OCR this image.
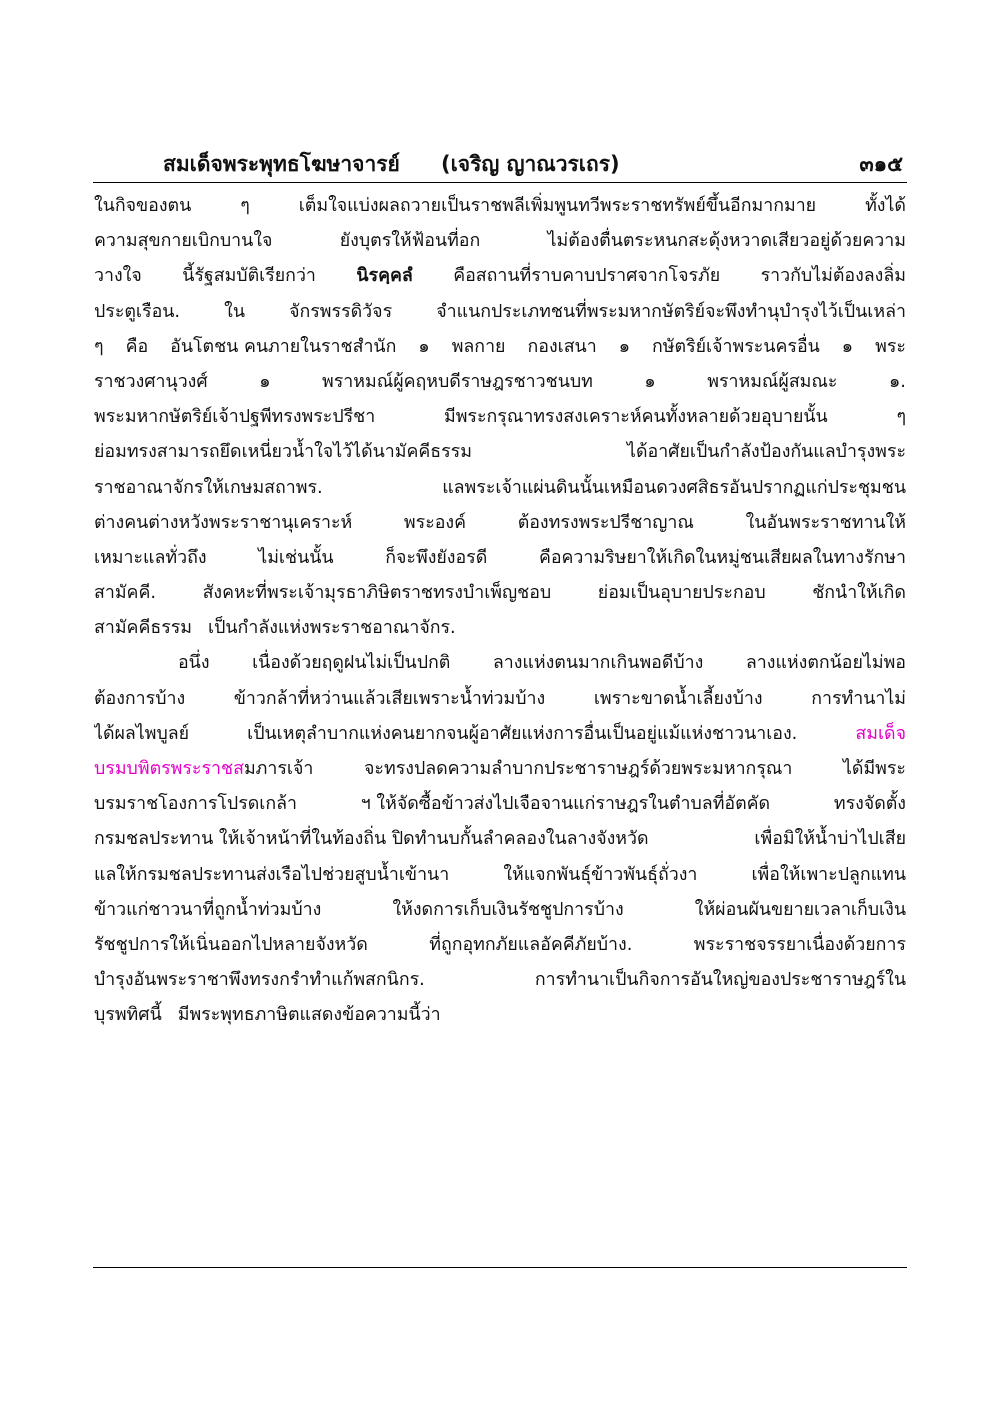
สมเด็จพระพุทธโฆษาจารย์ (เจริญ ญาณวรเถร)	๓๑๕
ในกิจของตน	ๆ	เต็มใจแบ่งผลถวายเป็นราชพลีเพิ่มพูนทวีพระราชทรัพย์ขึ้นอีกมากมาย	ทั้งได้
ความสุขกายเบิกบานใจ	ยังบุตรให้ฟ้อนที่อก	ไม่ต้องตื่นตระหนกสะดุ้งหวาดเสียวอยู่ด้วยความ
วางใจ นี้รัฐสมบัติเรียกว่า นิรคฺคลํ คือสถานที่ราบคาบปราศจากโจรภัย ราวกับไม่ต้องลงลิ่ม
ประตูเรือน. ใน จักรพรรดิวัจร จำแนกประเภทชนที่พระมหากษัตริย์จะพึงทำนุบำรุงไว้เป็นเหล่า
ๆ คือ อันโตชน คนภายในราชสำนัก ๑ พลกาย กองเสนา ๑ กษัตริย์เจ้าพระนครอื่น ๑ พระ
ราชวงศานุวงศ์	๑	พราหมณ์ผู้คฤหบดีราษฎรชาวชนบท	๑	พราหมณ์ผู้สมณะ	๑.
พระมหากษัตริย์เจ้าปฐพีทรงพระปรีชา	มีพระกรุณาทรงสงเคราะห์คนทั้งหลายด้วยอุบายนั้น	ๆ
ย่อมทรงสามารถยึดเหนี่ยวน้ำใจไว้ได้นามัคคีธรรม	ได้อาศัยเป็นกำลังป้องกันแลบำรุงพระ
ราชอาณาจักรให้เกษมสถาพร.	แลพระเจ้าแผ่นดินนั้นเหมือนดวงศสิธรอันปรากฏแก่ประชุมชน
ต่างคนต่างหวังพระราชานุเคราะห์	พระองค์	ต้องทรงพระปรีชาญาณ	ในอันพระราชทานให้
เหมาะแลทั่วถึง	ไม่เช่นนั้น	ก็จะพึงยังอรดี	คือความริษยาให้เกิดในหมู่ชนเสียผลในทางรักษา
สามัคคี.	สังคหะที่พระเจ้ามุรธาภิษิตราชทรงบำเพ็ญชอบ	ย่อมเป็นอุบายประกอบ	ชักนำให้เกิด
สามัคคีธรรม เป็นกำลังแห่งพระราชอาณาจักร.
อนึ่ง เนื่องด้วยฤดูฝนไม่เป็นปกติ ลางแห่งตนมากเกินพอดีบ้าง ลางแห่งตกน้อยไม่พอ
ต้องการบ้าง	ข้าวกล้าที่หว่านแล้วเสียเพราะน้ำท่วมบ้าง	เพราะขาดน้ำเลี้ยงบ้าง	การทำนาไม่
ได้ผลไพบูลย์	เป็นเหตุลำบากแห่งคนยากจนผู้อาศัยแห่งการอื่นเป็นอยู่แม้แห่งชาวนาเอง.	สมเด็จ
บรมบพิตรพระราชสมภารเจ้า	จะทรงปลดความลำบากประชาราษฎร์ด้วยพระมหากรุณา	ได้มีพระ
บรมราชโองการโปรดเกล้า	ฯ ให้จัดซื้อข้าวส่งไปเจือจานแก่ราษฎรในตำบลที่อัตคัด	ทรงจัดตั้ง
กรมชลประทาน ให้เจ้าหน้าที่ในท้องถิ่น ปิดทำนบกั้นลำคลองในลางจังหวัด	เพื่อมิให้น้ำบ่าไปเสีย
แลให้กรมชลประทานส่งเรือไปช่วยสูบน้ำเข้านา	ให้แจกพันธุ์ข้าวพันธุ์ถั่วงา	เพื่อให้เพาะปลูกแทน
ข้าวแก่ชาวนาที่ถูกน้ำท่วมบ้าง	ให้งดการเก็บเงินรัชชูปการบ้าง	ให้ผ่อนผันขยายเวลาเก็บเงิน
รัชชูปการให้เนิ่นออกไปหลายจังหวัด	ที่ถูกอุทกภัยแลอัคคีภัยบ้าง.	พระราชจรรยาเนื่องด้วยการ
บำรุงอันพระราชาพึงทรงกรำทำแก้พสกนิกร.	การทำนาเป็นกิจการอันใหญ่ของประชาราษฎร์ใน
บุรพทิศนี้ มีพระพุทธภาษิตแสดงข้อความนี้ว่า
